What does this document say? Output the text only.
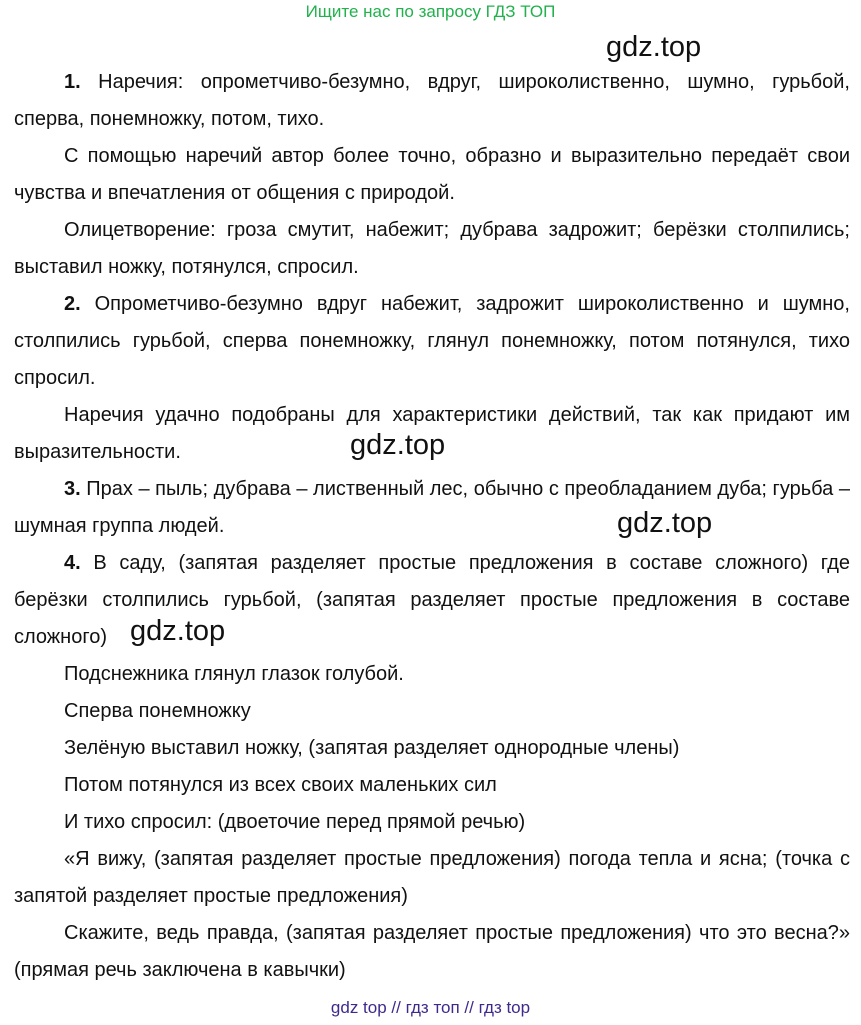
Ищите нас по запросу ГДЗ ТОП
gdz.top
gdz.top
gdz.top
gdz.top

1. Наречия: опрометчиво-безумно, вдруг, широколиственно, шумно, гурьбой, сперва, понемножку, потом, тихо.

С помощью наречий автор более точно, образно и выразительно передаёт свои чувства и впечатления от общения с природой.

Олицетворение: гроза смутит, набежит; дубрава задрожит; берёзки столпились; выставил ножку, потянулся, спросил.

2. Опрометчиво-безумно вдруг набежит, задрожит широколиственно и шумно, столпились гурьбой, сперва понемножку, глянул понемножку, потом потянулся, тихо спросил.

Наречия удачно подобраны для характеристики действий, так как придают им выразительности.

3. Прах – пыль; дубрава – лиственный лес, обычно с преобладанием дуба; гурьба – шумная группа людей.

4. В саду, (запятая разделяет простые предложения в составе сложного) где берёзки столпились гурьбой, (запятая разделяет простые предложения в составе сложного)

Подснежника глянул глазок голубой.

Сперва понемножку

Зелёную выставил ножку, (запятая разделяет однородные члены)

Потом потянулся из всех своих маленьких сил

И тихо спросил: (двоеточие перед прямой речью)

«Я вижу, (запятая разделяет простые предложения) погода тепла и ясна; (точка с запятой разделяет простые предложения)

Скажите, ведь правда, (запятая разделяет простые предложения) что это весна?» (прямая речь заключена в кавычки)

gdz top // гдз топ // гдз top
